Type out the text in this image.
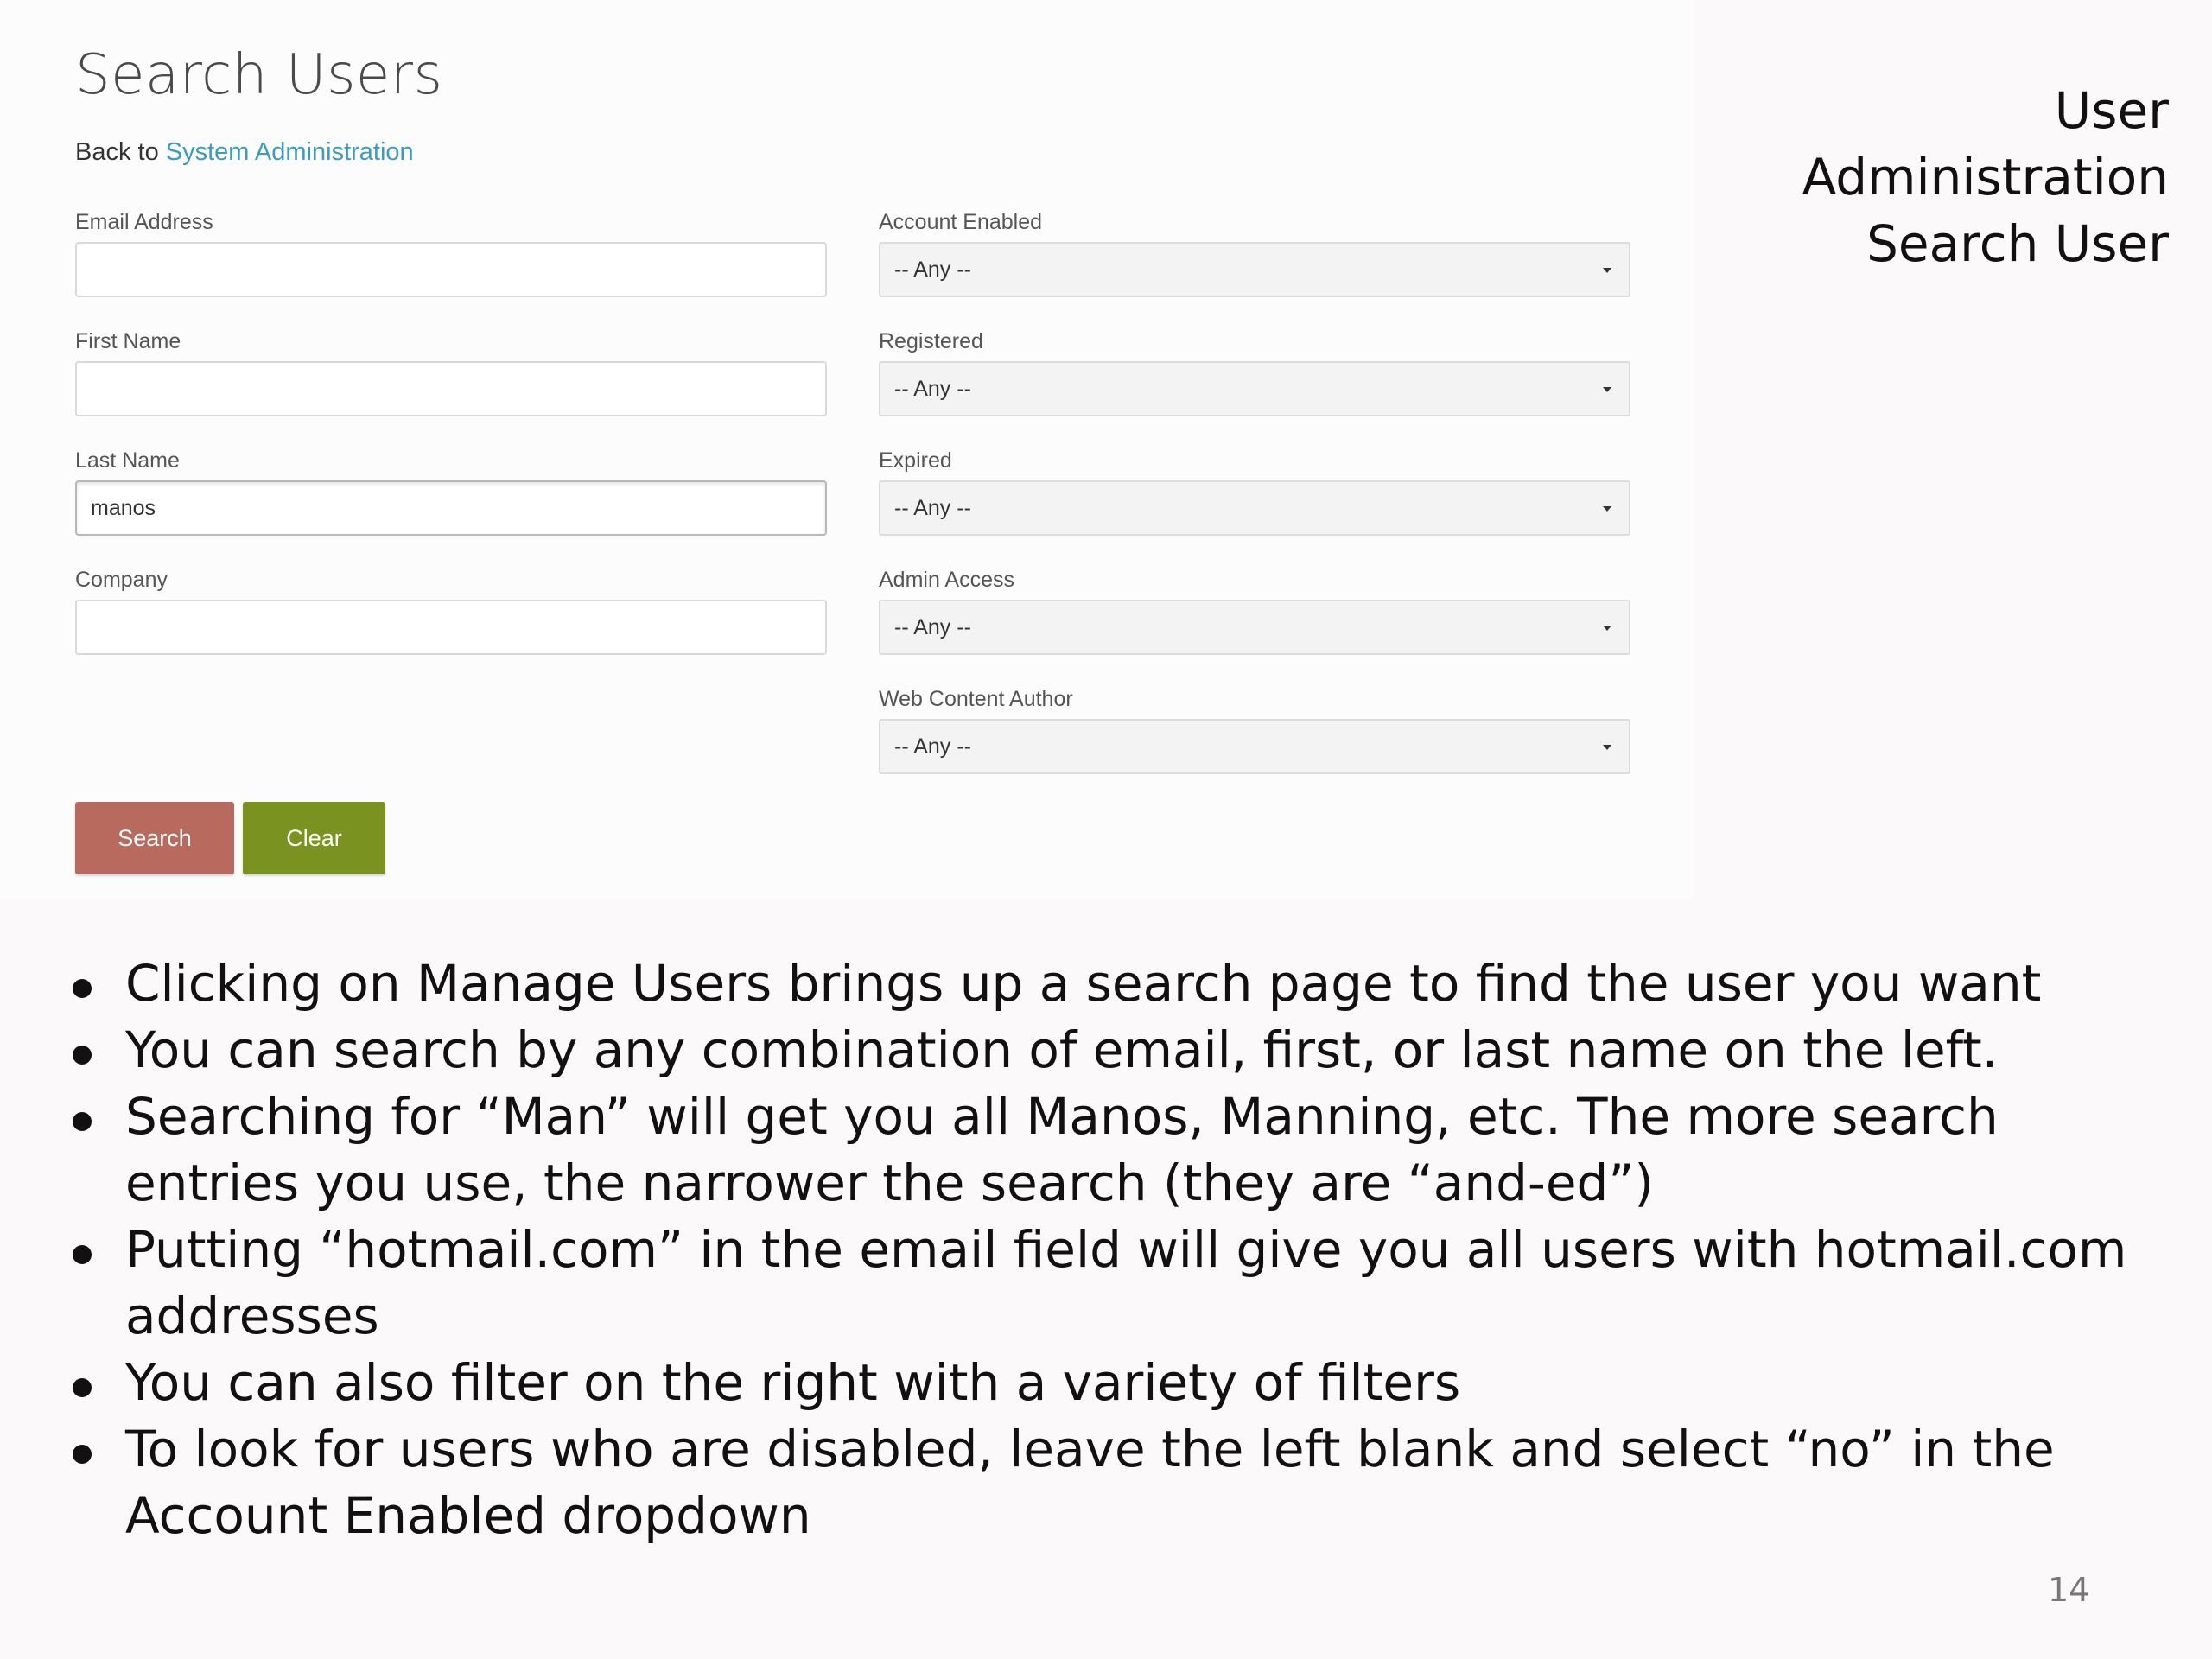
Search Users
Back to System Administration
Email Address
First Name
Last Name
manos
Company
Account Enabled
-- Any --
Registered
-- Any --
Expired
-- Any --
Admin Access
-- Any --
Web Content Author
-- Any --
Search	Clear
User
Administration
Search User
Clicking on Manage Users brings up a search page to find the user you want
You can search by any combination of email, first, or last name on the left.
Searching for “Man” will get you all Manos, Manning, etc. The more search entries you use, the narrower the search (they are “and-ed”)
Putting “hotmail.com” in the email field will give you all users with hotmail.com addresses
You can also filter on the right with a variety of filters
To look for users who are disabled, leave the left blank and select “no” in the Account Enabled dropdown
14
